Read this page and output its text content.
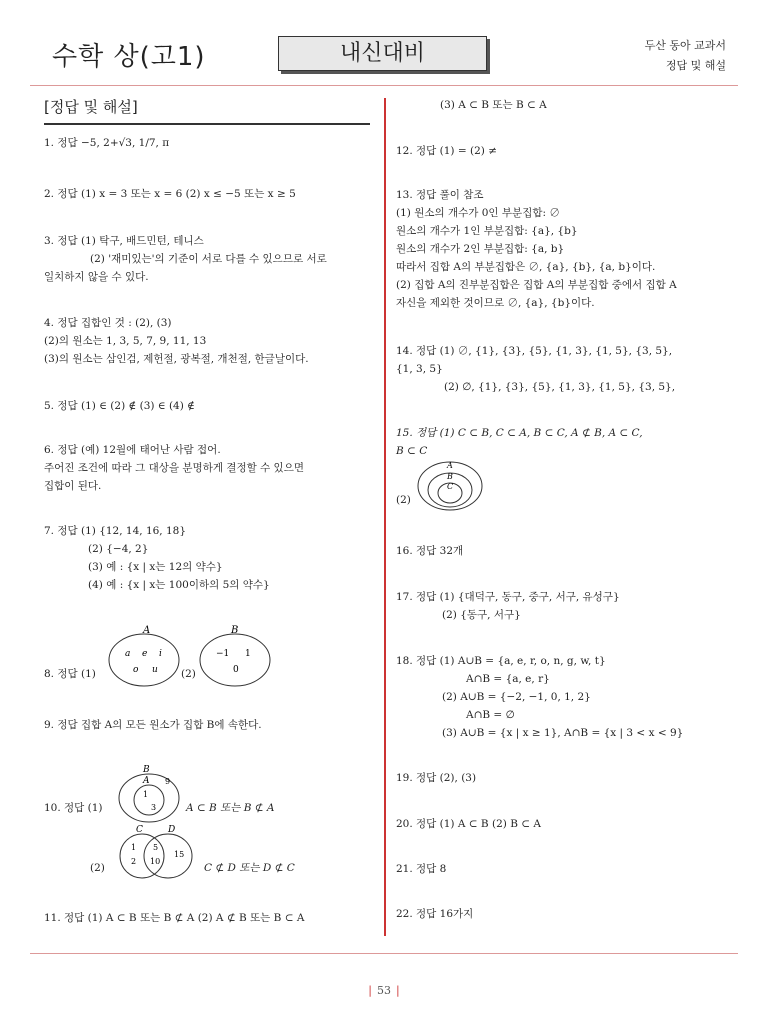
수학 상(고1)	내신대비	두산 동아 교과서
정답 및 해설
[정답 및 해설]
1. 정답 −5, 2+√3, 1/7, π
2. 정답 (1) x = 3 또는 x = 6 (2) x ≤ −5 또는 x ≥ 5
3. 정답 (1) 탁구, 배드민턴, 테니스
(2) '재미있는'의 기준이 서로 다를 수 있으므로 서로
일치하지 않을 수 있다.
4. 정답 집합인 것 : (2), (3)
(2)의 원소는 1, 3, 5, 7, 9, 11, 13
(3)의 원소는 삼인검, 제헌절, 광복절, 개천절, 한글날이다.
5. 정답 (1) ∈ (2) ∉ (3) ∈ (4) ∉
6. 정답 (예) 12월에 태어난 사람 접어.
주어진 조건에 따라 그 대상을 분명하게 결정할 수 있으면
집합이 된다.
7. 정답 (1) {12, 14, 16, 18}
(2) {−4, 2}
(3) 예 : {x | x는 12의 약수}
(4) 예 : {x | x는 100이하의 5의 약수}
8. 정답 (1)
A
a e i
o u (2)
B
−1 1
0
9. 정답 집합 A의 모든 원소가 집합 B에 속한다.
10. 정답 (1)
B
A
1
3
9
A ⊂ B 또는 B ⊄ A
(2)
C	D
1
2
5
10
15
C ⊄ D 또는 D ⊄ C
11. 정답 (1) A ⊂ B 또는 B ⊄ A (2) A ⊄ B 또는 B ⊂ A
(3) A ⊂ B 또는 B ⊂ A
12. 정답 (1) = (2) ≠
13. 정답 풀이 참조
(1) 원소의 개수가 0인 부분집합: ∅
원소의 개수가 1인 부분집합: {a}, {b}
원소의 개수가 2인 부분집합: {a, b}
따라서 집합 A의 부분집합은 ∅, {a}, {b}, {a, b}이다.
(2) 집합 A의 진부분집합은 집합 A의 부분집합 중에서 집합 A
자신을 제외한 것이므로 ∅, {a}, {b}이다.
14. 정답 (1) ∅, {1}, {3}, {5}, {1, 3}, {1, 5}, {3, 5},
{1, 3, 5}
(2) ∅, {1}, {3}, {5}, {1, 3}, {1, 5}, {3, 5},
15. 정답 (1) C ⊂ B, C ⊂ A, B ⊂ C, A ⊄ B, A ⊂ C,
B ⊂ C
(2)
A
B
C
16. 정답 32개
17. 정답 (1) {대덕구, 동구, 중구, 서구, 유성구}
(2) {동구, 서구}
18. 정답 (1) A∪B = {a, e, r, o, n, g, w, t}
A∩B = {a, e, r}
(2) A∪B = {−2, −1, 0, 1, 2}
A∩B = ∅
(3) A∪B = {x | x ≥ 1}, A∩B = {x | 3 < x < 9}
19. 정답 (2), (3)
20. 정답 (1) A ⊂ B (2) B ⊂ A
21. 정답 8
22. 정답 16가지
| 53 |
